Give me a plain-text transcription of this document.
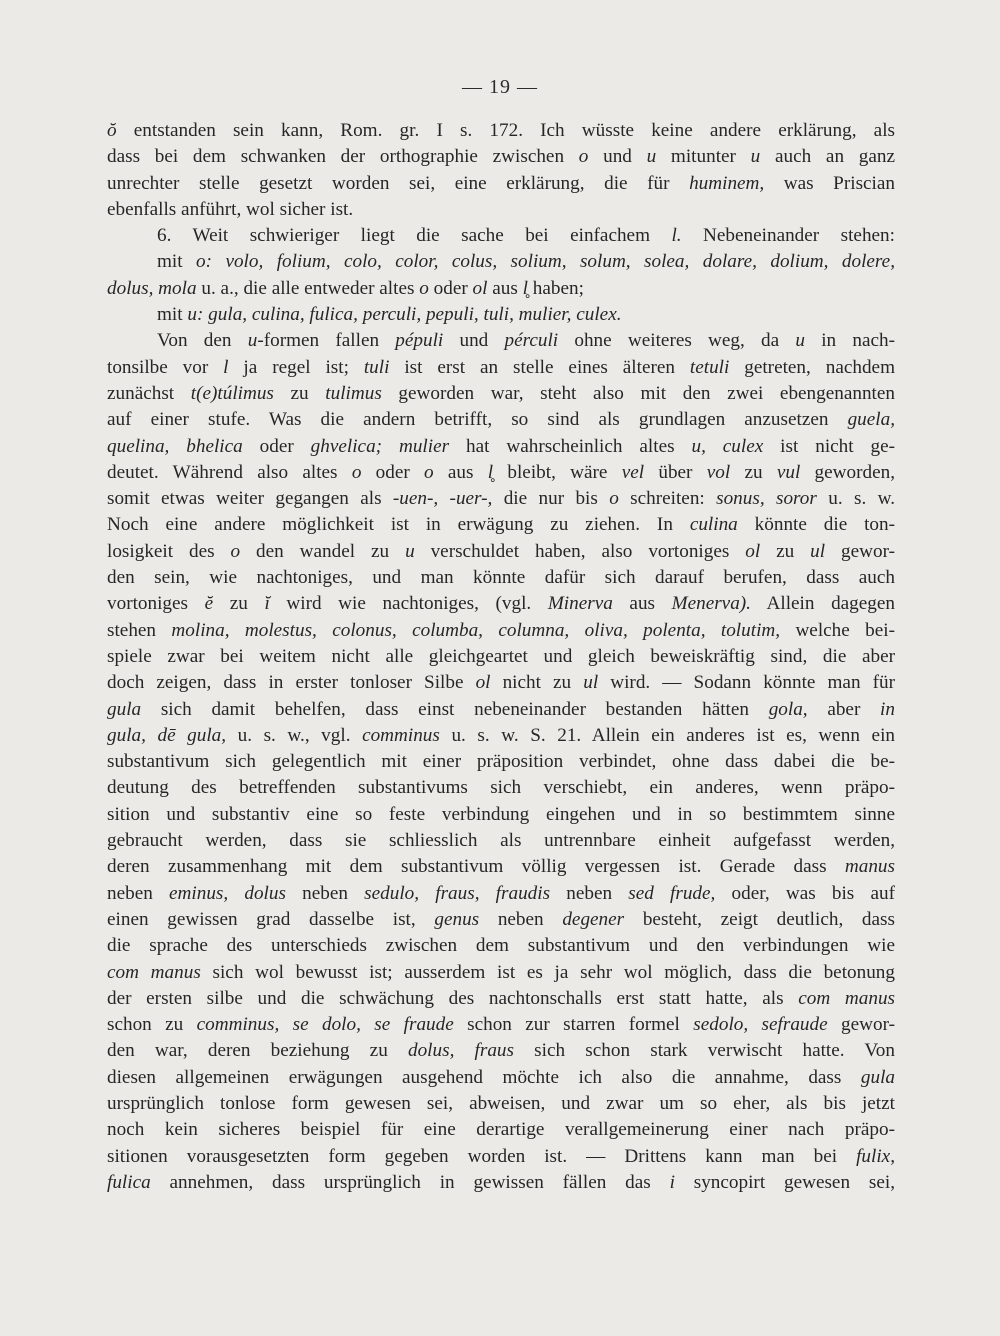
— 19 —
ŏ entstanden sein kann, Rom. gr. I s. 172. Ich wüsste keine andere erklärung, als
dass bei dem schwanken der orthographie zwischen o und u mitunter u auch an ganz
unrechter stelle gesetzt worden sei, eine erklärung, die für huminem, was Priscian
ebenfalls anführt, wol sicher ist.
6. Weit schwieriger liegt die sache bei einfachem l. Nebeneinander stehen:
mit o: volo, folium, colo, color, colus, solium, solum, solea, dolare, dolium, dolere,
dolus, mola u. a., die alle entweder altes o oder ol aus l̥ haben;
mit u: gula, culina, fulica, perculi, pepuli, tuli, mulier, culex.
Von den u-formen fallen pépuli und pérculi ohne weiteres weg, da u in nach-
tonsilbe vor l ja regel ist; tuli ist erst an stelle eines älteren tetuli getreten, nachdem
zunächst t(e)túlimus zu tulimus geworden war, steht also mit den zwei ebengenannten
auf einer stufe. Was die andern betrifft, so sind als grundlagen anzusetzen guela,
quelina, bhelica oder ghvelica; mulier hat wahrscheinlich altes u, culex ist nicht ge-
deutet. Während also altes o oder o aus l̥ bleibt, wäre vel über vol zu vul geworden,
somit etwas weiter gegangen als -uen-, -uer-, die nur bis o schreiten: sonus, soror u. s. w.
Noch eine andere möglichkeit ist in erwägung zu ziehen. In culina könnte die ton-
losigkeit des o den wandel zu u verschuldet haben, also vortoniges ol zu ul gewor-
den sein, wie nachtoniges, und man könnte dafür sich darauf berufen, dass auch
vortoniges ĕ zu ĭ wird wie nachtoniges, (vgl. Minerva aus Menerva). Allein dagegen
stehen molina, molestus, colonus, columba, columna, oliva, polenta, tolutim, welche bei-
spiele zwar bei weitem nicht alle gleichgeartet und gleich beweiskräftig sind, die aber
doch zeigen, dass in erster tonloser Silbe ol nicht zu ul wird. — Sodann könnte man für
gula sich damit behelfen, dass einst nebeneinander bestanden hätten gola, aber in
gula, dē gula, u. s. w., vgl. comminus u. s. w. S. 21. Allein ein anderes ist es, wenn ein
substantivum sich gelegentlich mit einer präposition verbindet, ohne dass dabei die be-
deutung des betreffenden substantivums sich verschiebt, ein anderes, wenn präpo-
sition und substantiv eine so feste verbindung eingehen und in so bestimmtem sinne
gebraucht werden, dass sie schliesslich als untrennbare einheit aufgefasst werden,
deren zusammenhang mit dem substantivum völlig vergessen ist. Gerade dass manus
neben eminus, dolus neben sedulo, fraus, fraudis neben sed frude, oder, was bis auf
einen gewissen grad dasselbe ist, genus neben degener besteht, zeigt deutlich, dass
die sprache des unterschieds zwischen dem substantivum und den verbindungen wie
com manus sich wol bewusst ist; ausserdem ist es ja sehr wol möglich, dass die betonung
der ersten silbe und die schwächung des nachtonschalls erst statt hatte, als com manus
schon zu comminus, se dolo, se fraude schon zur starren formel sedolo, sefraude gewor-
den war, deren beziehung zu dolus, fraus sich schon stark verwischt hatte. Von
diesen allgemeinen erwägungen ausgehend möchte ich also die annahme, dass gula
ursprünglich tonlose form gewesen sei, abweisen, und zwar um so eher, als bis jetzt
noch kein sicheres beispiel für eine derartige verallgemeinerung einer nach präpo-
sitionen vorausgesetzten form gegeben worden ist. — Drittens kann man bei fulix,
fulica annehmen, dass ursprünglich in gewissen fällen das i syncopirt gewesen sei,
